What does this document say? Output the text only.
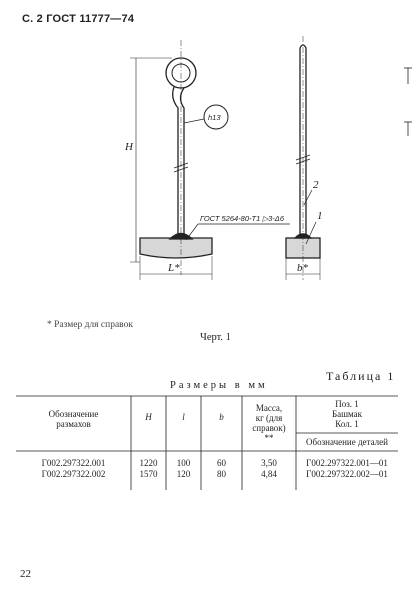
С. 2 ГОСТ 11777—74
h13
ГОСТ 5264-80-Т1 ▷3-Δ6
H
L*	b*
2
1
* Размер для справок
Черт. 1
Таблица 1
Размеры в мм
Обозначение
размахов
Н	l	b
Масса,
кг (для
справок)
**
Поз. 1
Башмак
Кол. 1
Обозначение деталей
Г002.297322.001	1220	100	60	3,50	Г002.297322.001—01
Г002.297322.002	1570	120	80	4,84	Г002.297322.002—01
22
